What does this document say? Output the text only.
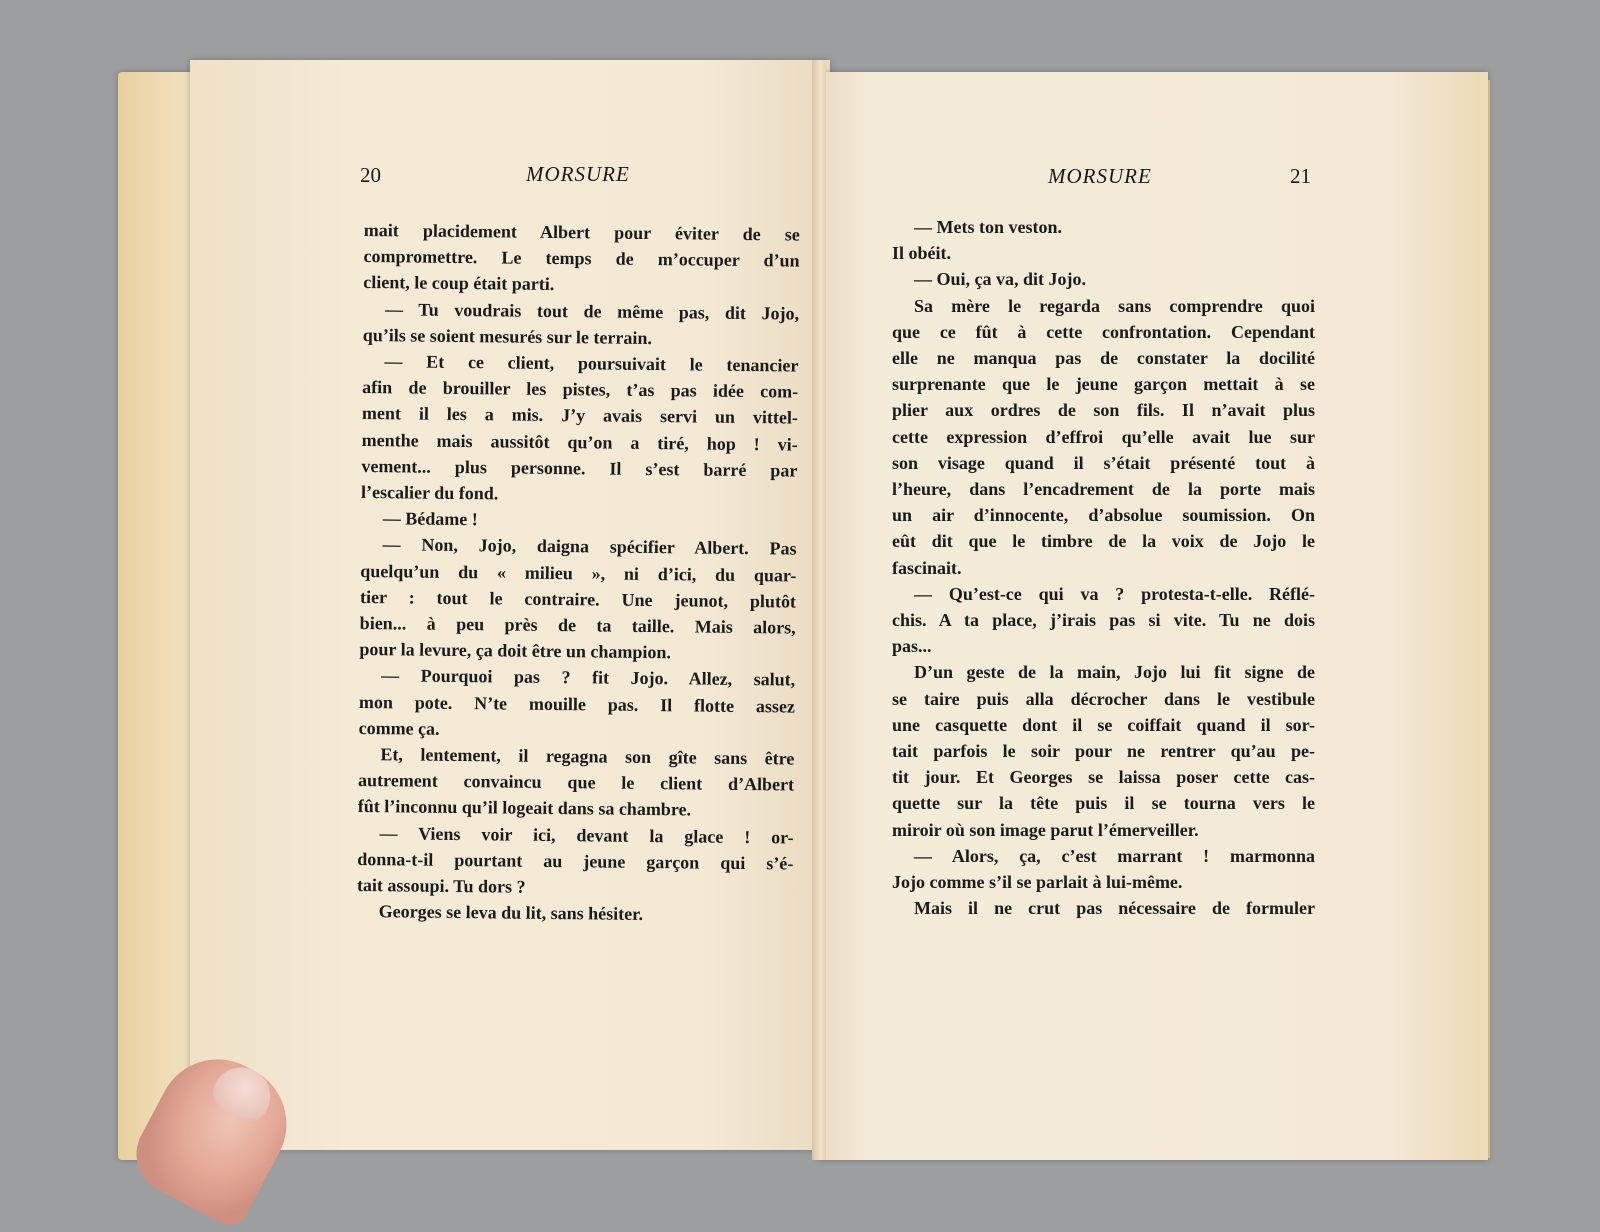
20	MORSURE	MORSURE	21
mait placidement Albert pour éviter de se
compromettre. Le temps de m’occuper d’un
client, le coup était parti.
— Tu voudrais tout de même pas, dit Jojo,
qu’ils se soient mesurés sur le terrain.
— Et ce client, poursuivait le tenancier
afin de brouiller les pistes, t’as pas idée com-
ment il les a mis. J’y avais servi un vittel-
menthe mais aussitôt qu’on a tiré, hop ! vi-
vement... plus personne. Il s’est barré par
l’escalier du fond.
— Bédame !
— Non, Jojo, daigna spécifier Albert. Pas
quelqu’un du « milieu », ni d’ici, du quar-
tier : tout le contraire. Une jeunot, plutôt
bien... à peu près de ta taille. Mais alors,
pour la levure, ça doit être un champion.
— Pourquoi pas ? fit Jojo. Allez, salut,
mon pote. N’te mouille pas. Il flotte assez
comme ça.
Et, lentement, il regagna son gîte sans être
autrement convaincu que le client d’Albert
fût l’inconnu qu’il logeait dans sa chambre.
— Viens voir ici, devant la glace ! or-
donna-t-il pourtant au jeune garçon qui s’é-
tait assoupi. Tu dors ?
Georges se leva du lit, sans hésiter.
— Mets ton veston.
Il obéit.
— Oui, ça va, dit Jojo.
Sa mère le regarda sans comprendre quoi
que ce fût à cette confrontation. Cependant
elle ne manqua pas de constater la docilité
surprenante que le jeune garçon mettait à se
plier aux ordres de son fils. Il n’avait plus
cette expression d’effroi qu’elle avait lue sur
son visage quand il s’était présenté tout à
l’heure, dans l’encadrement de la porte mais
un air d’innocente, d’absolue soumission. On
eût dit que le timbre de la voix de Jojo le
fascinait.
— Qu’est-ce qui va ? protesta-t-elle. Réflé-
chis. A ta place, j’irais pas si vite. Tu ne dois
pas...
D’un geste de la main, Jojo lui fit signe de
se taire puis alla décrocher dans le vestibule
une casquette dont il se coiffait quand il sor-
tait parfois le soir pour ne rentrer qu’au pe-
tit jour. Et Georges se laissa poser cette cas-
quette sur la tête puis il se tourna vers le
miroir où son image parut l’émerveiller.
— Alors, ça, c’est marrant ! marmonna
Jojo comme s’il se parlait à lui-même.
Mais il ne crut pas nécessaire de formuler
